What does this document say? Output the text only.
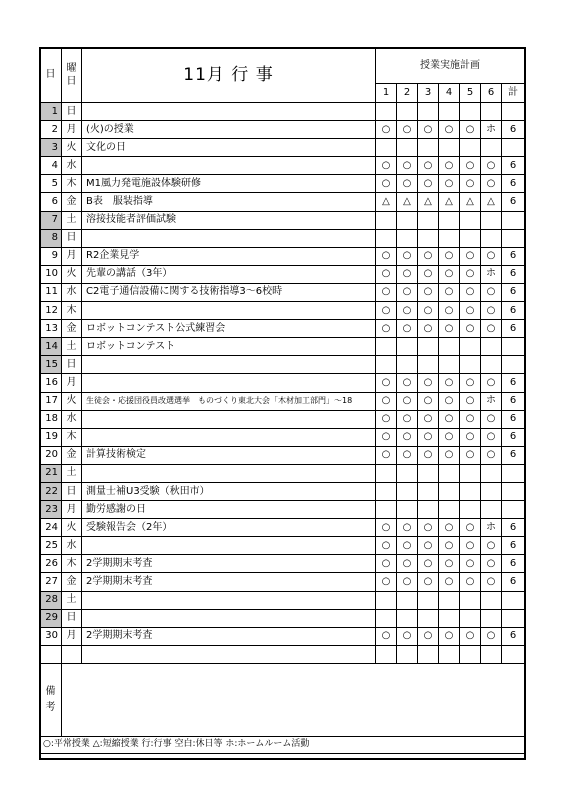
日	曜
日	11月 行 事	授業実施計画						
			1	2	3	4	5	6	計
1	日								
2	月	(火)の授業	○	○	○	○	○	ホ	6
3	火	文化の日							
4	水		○	○	○	○	○	○	6
5	木	M1風力発電施設体験研修	○	○	○	○	○	○	6
6	金	B表　服装指導	△	△	△	△	△	△	6
7	土	溶接技能者評価試験							
8	日								
9	月	R2企業見学	○	○	○	○	○	○	6
10	火	先輩の講話（3年）	○	○	○	○	○	ホ	6
11	水	C2電子通信設備に関する技術指導3～6校時	○	○	○	○	○	○	6
12	木		○	○	○	○	○	○	6
13	金	ロボットコンテスト公式練習会	○	○	○	○	○	○	6
14	土	ロボットコンテスト							
15	日								
16	月		○	○	○	○	○	○	6
17	火	生徒会・応援団役員改選選挙　ものづくり東北大会「木材加工部門」～18	○	○	○	○	○	ホ	6
18	水		○	○	○	○	○	○	6
19	木		○	○	○	○	○	○	6
20	金	計算技術検定	○	○	○	○	○	○	6
21	土								
22	日	測量士補U3受験（秋田市）							
23	月	勤労感謝の日							
24	火	受験報告会（2年）	○	○	○	○	○	ホ	6
25	水		○	○	○	○	○	○	6
26	木	2学期期末考査	○	○	○	○	○	○	6
27	金	2学期期末考査	○	○	○	○	○	○	6
28	土								
29	日								
30	月	2学期期末考査	○	○	○	○	○	○	6

備
考									
○:平常授業 △:短縮授業 行:行事 空白:休日等 ホ:ホームルーム活動									
